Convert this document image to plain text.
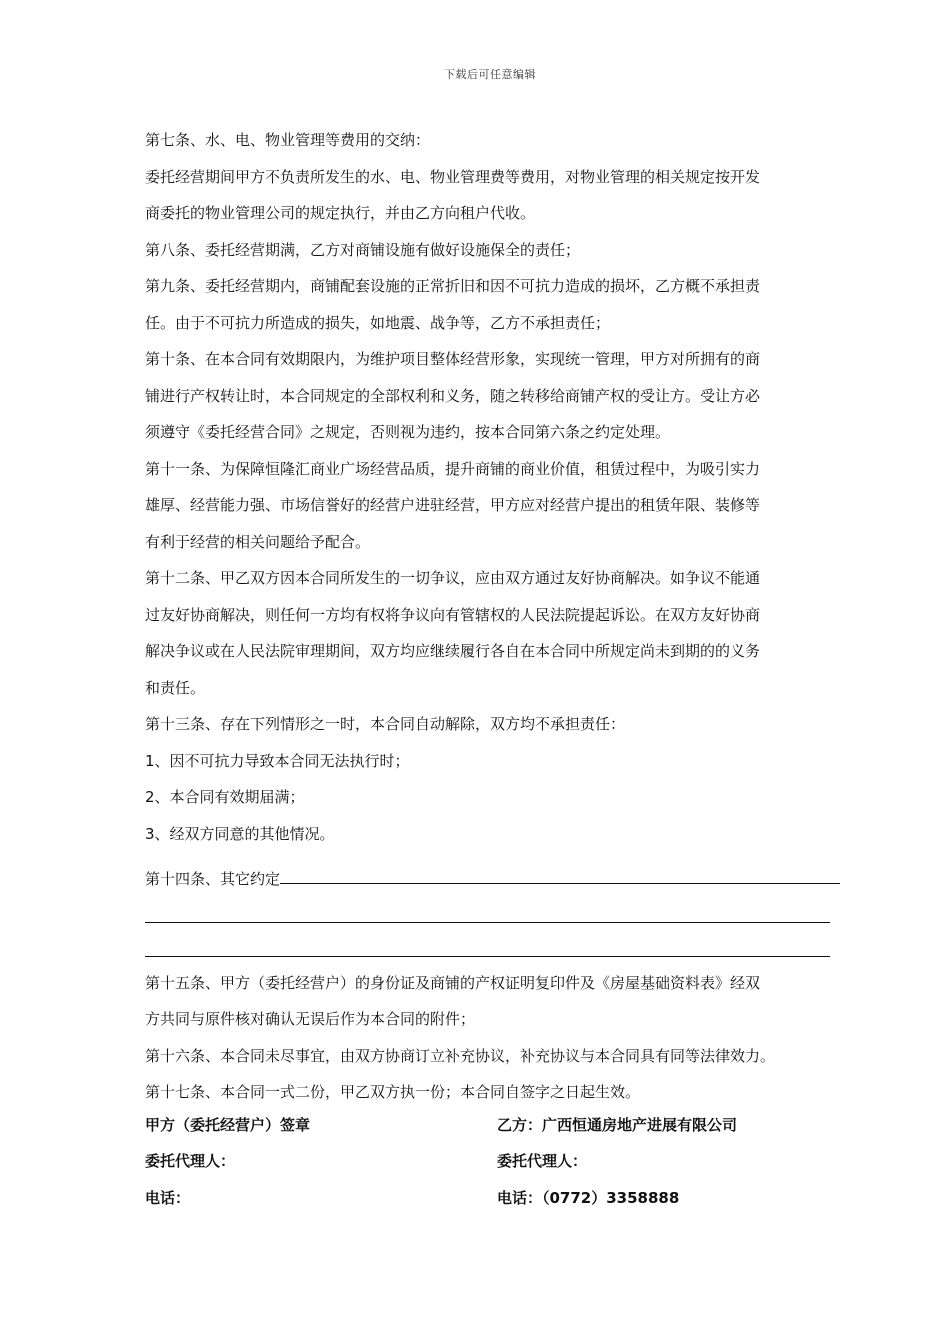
下载后可任意编辑

第七条、水、电、物业管理等费用的交纳：

委托经营期间甲方不负责所发生的水、电、物业管理费等费用，对物业管理的相关规定按开发

商委托的物业管理公司的规定执行，并由乙方向租户代收。

第八条、委托经营期满，乙方对商铺设施有做好设施保全的责任；

第九条、委托经营期内，商铺配套设施的正常折旧和因不可抗力造成的损坏，乙方概不承担责

任。由于不可抗力所造成的损失，如地震、战争等，乙方不承担责任；

第十条、在本合同有效期限内，为维护项目整体经营形象，实现统一管理，甲方对所拥有的商

铺进行产权转让时，本合同规定的全部权利和义务，随之转移给商铺产权的受让方。受让方必

须遵守《委托经营合同》之规定，否则视为违约，按本合同第六条之约定处理。

第十一条、为保障恒隆汇商业广场经营品质，提升商铺的商业价值，租赁过程中，为吸引实力

雄厚、经营能力强、市场信誉好的经营户进驻经营，甲方应对经营户提出的租赁年限、装修等

有利于经营的相关问题给予配合。

第十二条、甲乙双方因本合同所发生的一切争议，应由双方通过友好协商解决。如争议不能通

过友好协商解决，则任何一方均有权将争议向有管辖权的人民法院提起诉讼。在双方友好协商

解决争议或在人民法院审理期间，双方均应继续履行各自在本合同中所规定尚未到期的的义务

和责任。

第十三条、存在下列情形之一时，本合同自动解除，双方均不承担责任：

1、因不可抗力导致本合同无法执行时；

2、本合同有效期届满；

3、经双方同意的其他情况。

第十四条、其它约定

第十五条、甲方（委托经营户）的身份证及商铺的产权证明复印件及《房屋基础资料表》经双

方共同与原件核对确认无误后作为本合同的附件；

第十六条、本合同未尽事宜，由双方协商订立补充协议，补充协议与本合同具有同等法律效力。

第十七条、本合同一式二份，甲乙双方执一份；本合同自签字之日起生效。

甲方（委托经营户）签章	乙方：广西恒通房地产进展有限公司
委托代理人：	委托代理人：
电话：	电话：（0772）3358888
